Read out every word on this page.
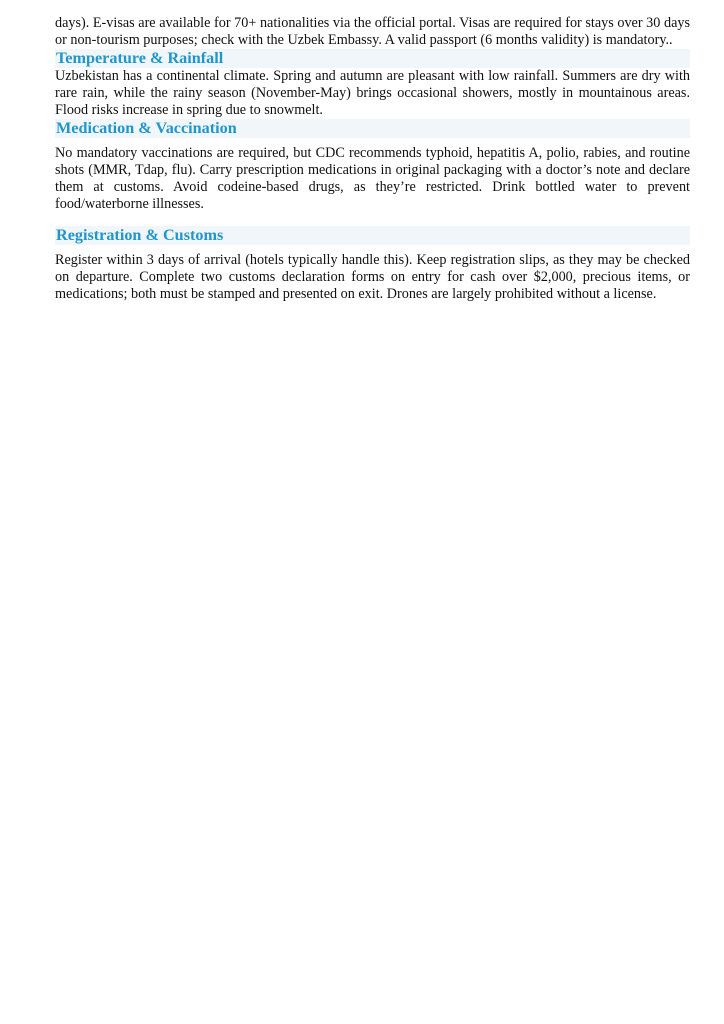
days). E-visas are available for 70+ nationalities via the official portal. Visas are required for stays over 30 days or non-tourism purposes; check with the Uzbek Embassy. A valid passport (6 months validity) is mandatory..

Temperature & Rainfall

Uzbekistan has a continental climate. Spring and autumn are pleasant with low rainfall. Summers are dry with rare rain, while the rainy season (November-May) brings occasional showers, mostly in mountainous areas. Flood risks increase in spring due to snowmelt.

Medication & Vaccination

No mandatory vaccinations are required, but CDC recommends typhoid, hepatitis A, polio, rabies, and routine shots (MMR, Tdap, flu). Carry prescription medications in original packaging with a doctor’s note and declare them at customs. Avoid codeine-based drugs, as they’re restricted. Drink bottled water to prevent food/waterborne illnesses.

Registration & Customs

Register within 3 days of arrival (hotels typically handle this). Keep registration slips, as they may be checked on departure. Complete two customs declaration forms on entry for cash over $2,000, precious items, or medications; both must be stamped and presented on exit. Drones are largely prohibited without a license.
